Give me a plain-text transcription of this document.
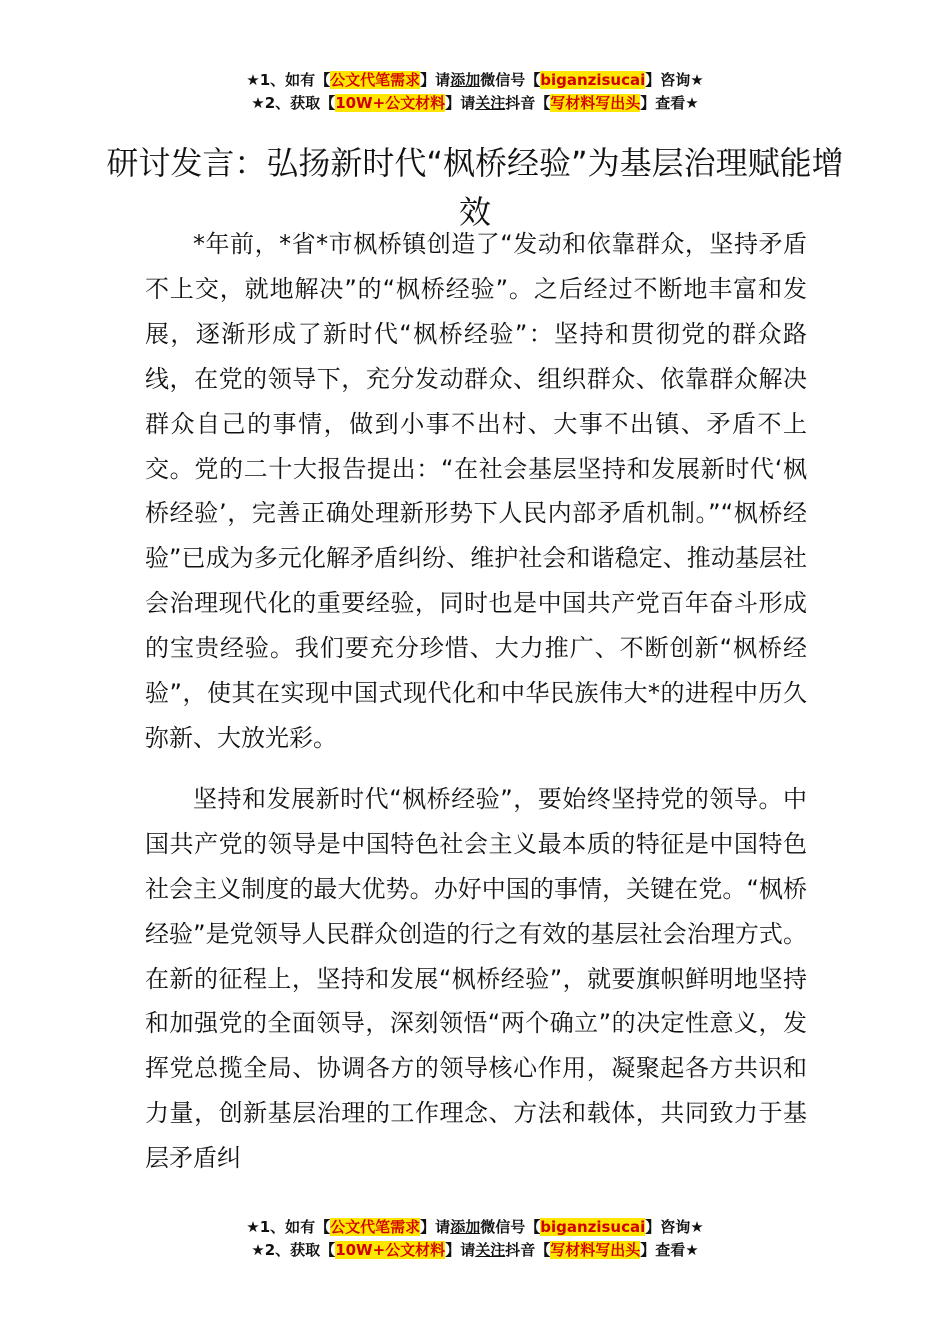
★1、如有【公文代笔需求】请添加微信号【biganzisucai】咨询★
★2、获取【10W+公文材料】请关注抖音【写材料写出头】查看★
研讨发言：弘扬新时代“枫桥经验”为基层治理赋能增效

*年前，*省*市枫桥镇创造了“发动和依靠群众，坚持矛盾不上交，就地解决”的“枫桥经验”。之后经过不断地丰富和发展，逐渐形成了新时代“枫桥经验”：坚持和贯彻党的群众路线，在党的领导下，充分发动群众、组织群众、依靠群众解决群众自己的事情，做到小事不出村、大事不出镇、矛盾不上交。党的二十大报告提出：“在社会基层坚持和发展新时代‘枫桥经验’，完善正确处理新形势下人民内部矛盾机制。”“枫桥经验”已成为多元化解矛盾纠纷、维护社会和谐稳定、推动基层社会治理现代化的重要经验，同时也是中国共产党百年奋斗形成的宝贵经验。我们要充分珍惜、大力推广、不断创新“枫桥经验”，使其在实现中国式现代化和中华民族伟大*的进程中历久弥新、大放光彩。

坚持和发展新时代“枫桥经验”，要始终坚持党的领导。中国共产党的领导是中国特色社会主义最本质的特征是中国特色社会主义制度的最大优势。办好中国的事情，关键在党。“枫桥经验”是党领导人民群众创造的行之有效的基层社会治理方式。在新的征程上，坚持和发展“枫桥经验”，就要旗帜鲜明地坚持和加强党的全面领导，深刻领悟“两个确立”的决定性意义，发挥党总揽全局、协调各方的领导核心作用，凝聚起各方共识和力量，创新基层治理的工作理念、方法和载体，共同致力于基层矛盾纠

★1、如有【公文代笔需求】请添加微信号【biganzisucai】咨询★
★2、获取【10W+公文材料】请关注抖音【写材料写出头】查看★
